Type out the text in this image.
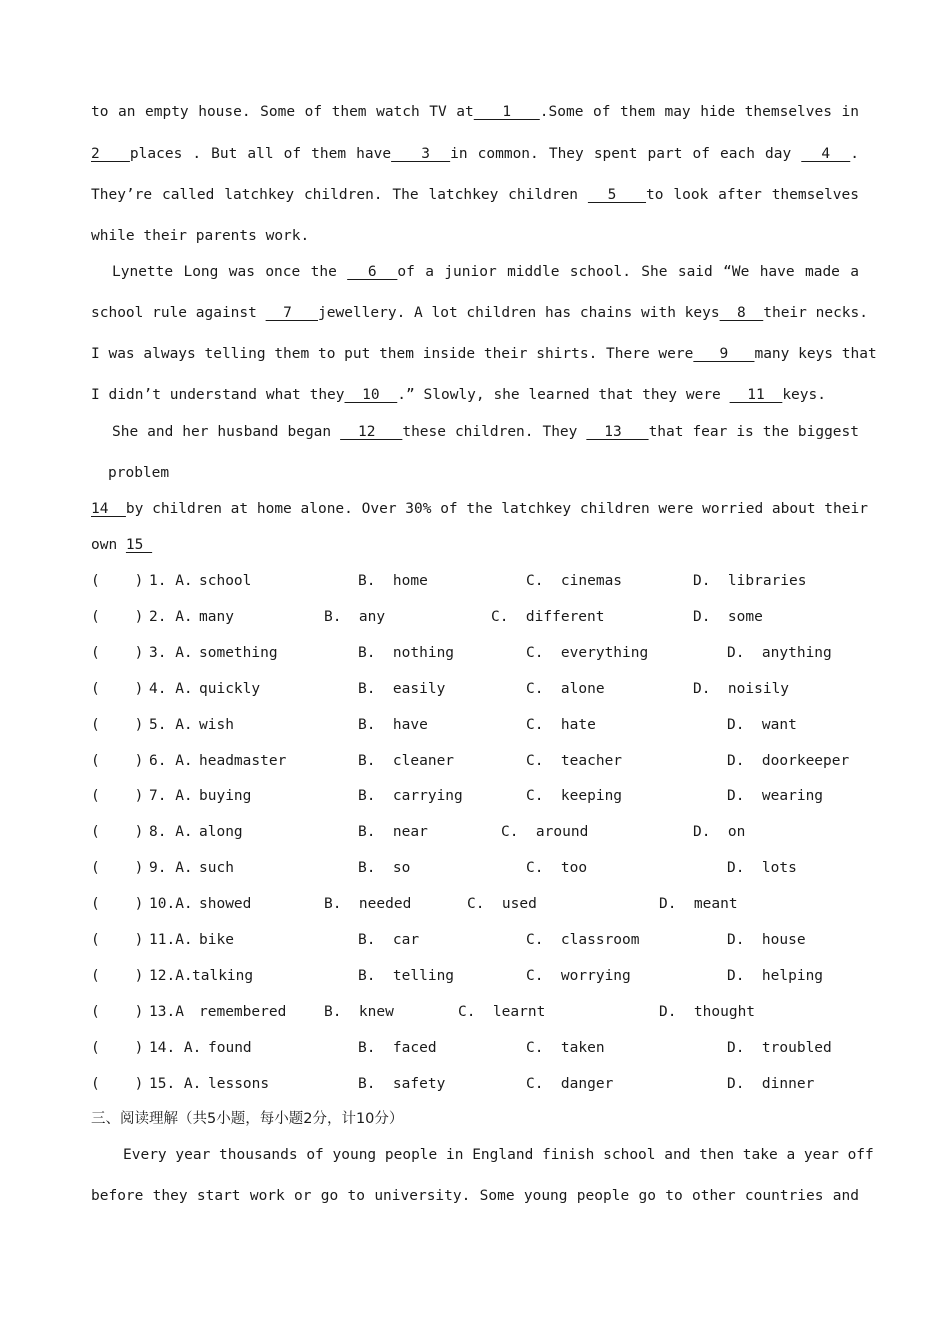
to an empty house. Some of them watch TV at   1   .Some of them may hide themselves in
2   places . But all of them have   3  in common. They spent part of each day   4  .
They’re called latchkey children. The latchkey children   5   to look after themselves
while their parents work.
Lynette Long was once the   6  of a junior middle school. She said “We have made a
school rule against   7   jewellery. A lot children has chains with keys  8  their necks.
I was always telling them to put them inside their shirts. There were   9   many keys that
I didn’t understand what they  10  .” Slowly, she learned that they were   11  keys.
She and her husband began   12   these children. They   13   that fear is the biggest
problem
14  by children at home alone. Over 30% of the latchkey children were worried about their
own 15
(    ) 1. A. school	B.  home	C.  cinemas	D.  libraries
(    ) 2. A. many	B.  any	C.  different	D.  some
(    ) 3. A. something	B.  nothing	C.  everything	D.  anything
(    ) 4. A. quickly	B.  easily	C.  alone	D.  noisily
(    ) 5. A. wish	B.  have	C.  hate	D.  want
(    ) 6. A. headmaster	B.  cleaner	C.  teacher	D.  doorkeeper
(    ) 7. A. buying	B.  carrying	C.  keeping	D.  wearing
(    ) 8. A. along	B.  near	C.  around	D.  on
(    ) 9. A. such	B.  so	C.  too	D.  lots
(    ) 10.A. showed	B.  needed	C.  used	D.  meant
(    ) 11.A. bike	B.  car	C.  classroom	D.  house
(    ) 12.A. talking	B.  telling	C.  worrying	D.  helping
(    ) 13.A remembered	B.  knew	C.  learnt	D.  thought
(    ) 14. A. found	B.  faced	C.  taken	D.  troubled
(    ) 15. A. lessons	B.  safety	C.  danger	D.  dinner
三、阅读理解（共5小题，每小题2分，计10分）
Every year thousands of young people in England finish school and then take a year off
before they start work or go to university. Some young people go to other countries and
